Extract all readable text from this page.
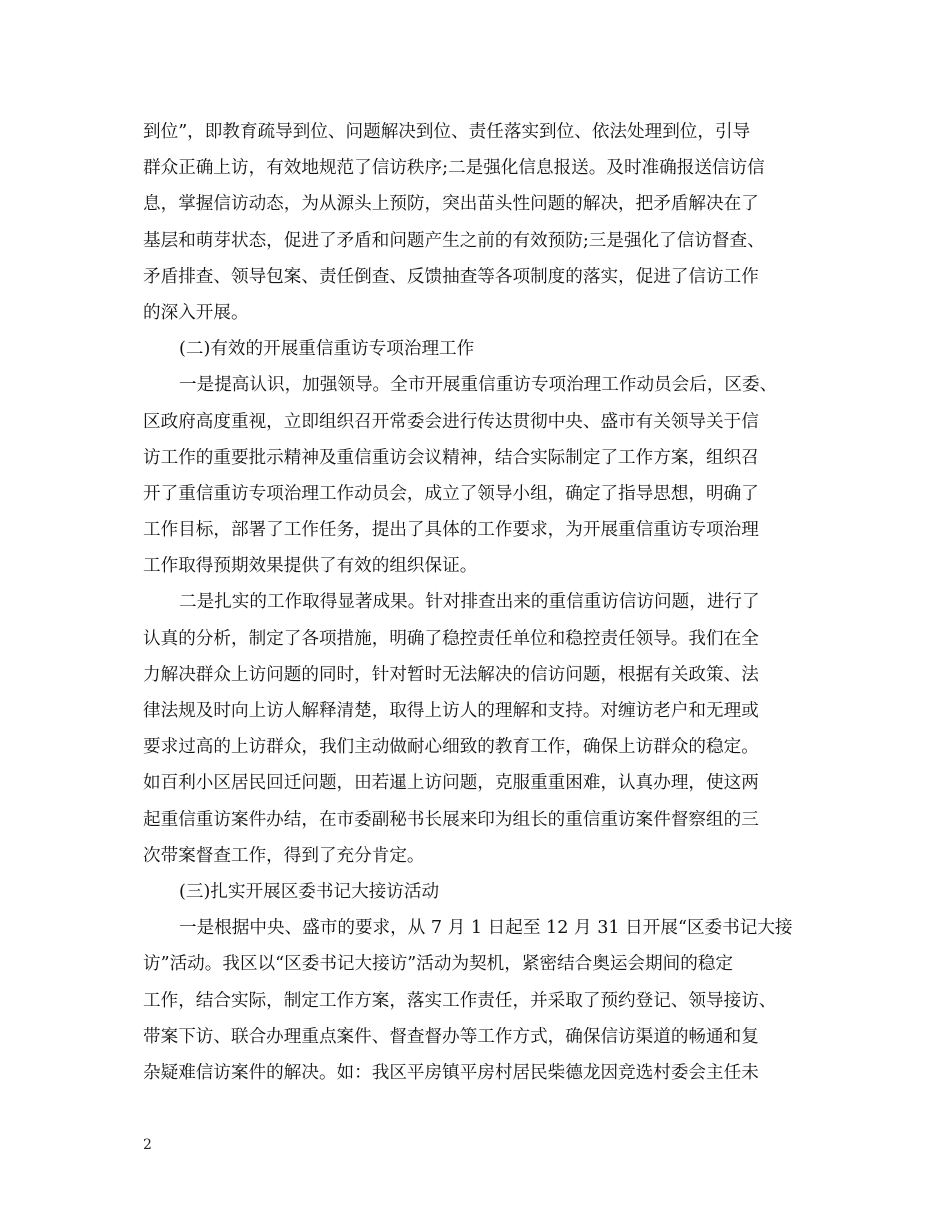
到位”，即教育疏导到位、问题解决到位、责任落实到位、依法处理到位，引导
群众正确上访，有效地规范了信访秩序;二是强化信息报送。及时准确报送信访信
息，掌握信访动态，为从源头上预防，突出苗头性问题的解决，把矛盾解决在了
基层和萌芽状态，促进了矛盾和问题产生之前的有效预防;三是强化了信访督查、
矛盾排查、领导包案、责任倒查、反馈抽查等各项制度的落实，促进了信访工作
的深入开展。
(二)有效的开展重信重访专项治理工作
一是提高认识，加强领导。全市开展重信重访专项治理工作动员会后，区委、
区政府高度重视，立即组织召开常委会进行传达贯彻中央、盛市有关领导关于信
访工作的重要批示精神及重信重访会议精神，结合实际制定了工作方案，组织召
开了重信重访专项治理工作动员会，成立了领导小组，确定了指导思想，明确了
工作目标，部署了工作任务，提出了具体的工作要求，为开展重信重访专项治理
工作取得预期效果提供了有效的组织保证。
二是扎实的工作取得显著成果。针对排查出来的重信重访信访问题，进行了
认真的分析，制定了各项措施，明确了稳控责任单位和稳控责任领导。我们在全
力解决群众上访问题的同时，针对暂时无法解决的信访问题，根据有关政策、法
律法规及时向上访人解释清楚，取得上访人的理解和支持。对缠访老户和无理或
要求过高的上访群众，我们主动做耐心细致的教育工作，确保上访群众的稳定。
如百利小区居民回迁问题，田若暹上访问题，克服重重困难，认真办理，使这两
起重信重访案件办结，在市委副秘书长展来印为组长的重信重访案件督察组的三
次带案督查工作，得到了充分肯定。
(三)扎实开展区委书记大接访活动
一是根据中央、盛市的要求，从 7 月 1 日起至 12 月 31 日开展“区委书记大接
访”活动。我区以“区委书记大接访”活动为契机，紧密结合奥运会期间的稳定
工作，结合实际，制定工作方案，落实工作责任，并采取了预约登记、领导接访、
带案下访、联合办理重点案件、督查督办等工作方式，确保信访渠道的畅通和复
杂疑难信访案件的解决。如：我区平房镇平房村居民柴德龙因竞选村委会主任未
2
